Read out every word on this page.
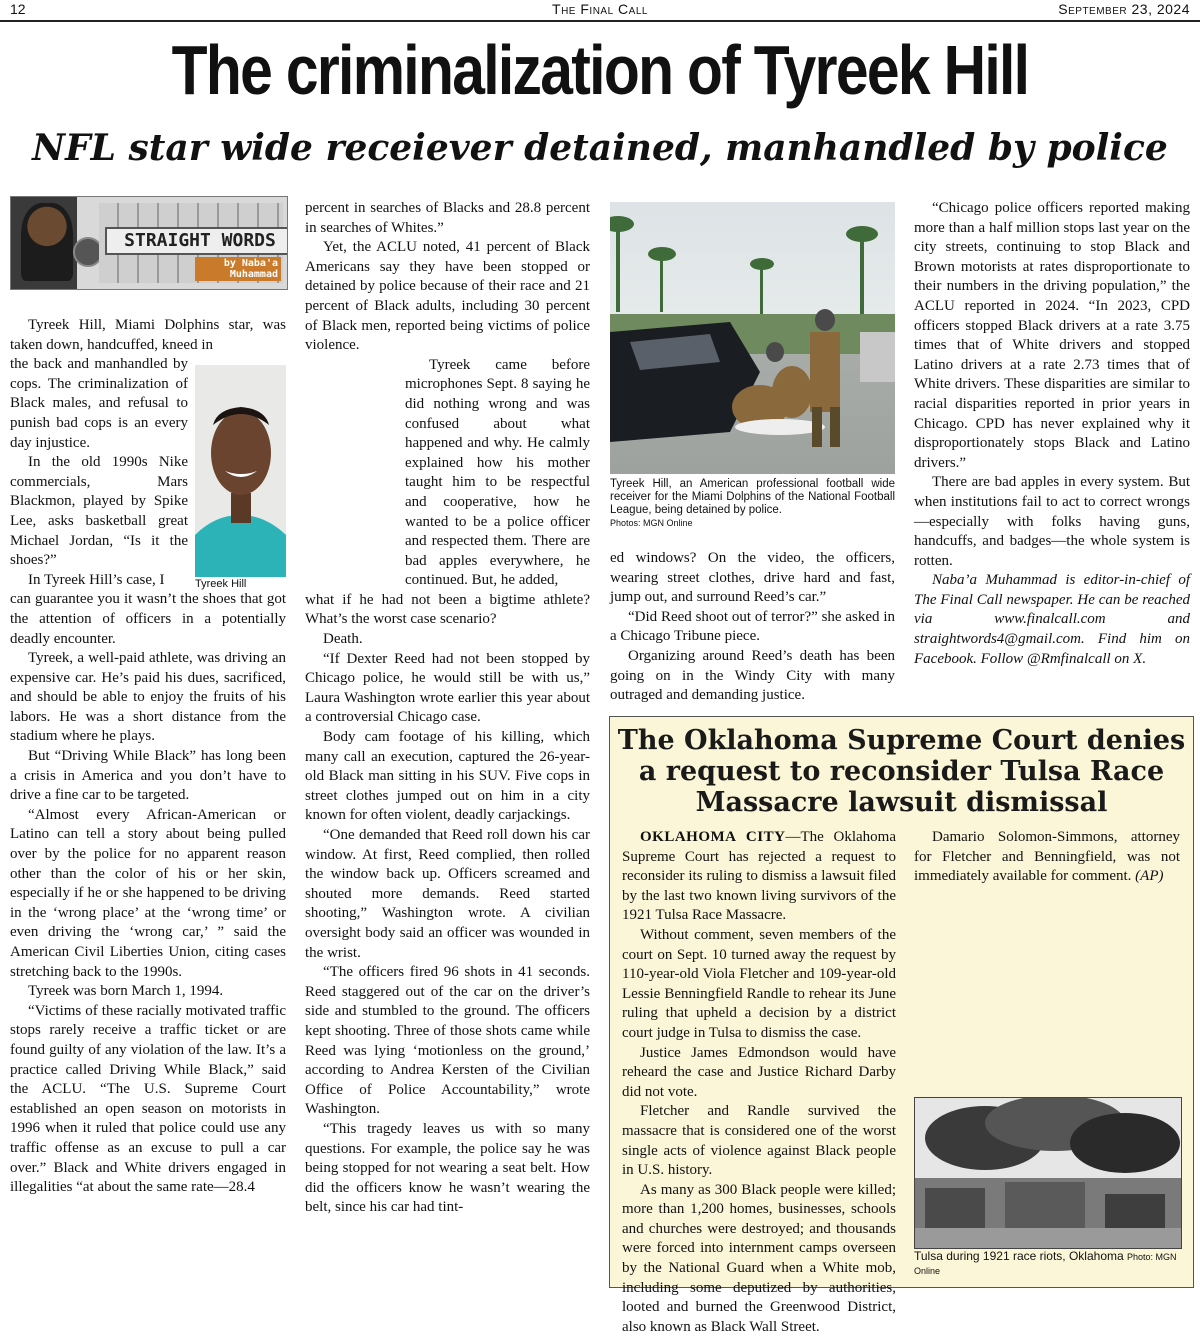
12	The Final Call	September 23, 2024
The criminalization of Tyreek Hill
NFL star wide receiever detained, manhandled by police
STRAIGHT WORDS
by Naba'a
Muhammad
Tyreek Hill

Tyreek Hill, Miami Dolphins star, was taken down, handcuffed, kneed in

the back and manhandled by cops. The criminalization of Black males, and refusal to punish bad cops is an every day injustice.

In the old 1990s Nike commercials, Mars Blackmon, played by Spike Lee, asks basketball great Michael Jordan, “Is it the shoes?”

In Tyreek Hill’s case, I

can guarantee you it wasn’t the shoes that got the attention of officers in a potentially deadly encounter.

Tyreek, a well-paid athlete, was driving an expensive car. He’s paid his dues, sacrificed, and should be able to enjoy the fruits of his labors. He was a short distance from the stadium where he plays.

But “Driving While Black” has long been a crisis in America and you don’t have to drive a fine car to be targeted.

“Almost every African-American or Latino can tell a story about being pulled over by the police for no apparent reason other than the color of his or her skin, especially if he or she happened to be driving in the ‘wrong place’ at the ‘wrong time’ or even driving the ‘wrong car,’ ” said the American Civil Liberties Union, citing cases stretching back to the 1990s.

Tyreek was born March 1, 1994.

“Victims of these racially motivated traffic stops rarely receive a traffic ticket or are found guilty of any violation of the law. It’s a practice called Driving While Black,” said the ACLU. “The U.S. Supreme Court established an open season on motorists in 1996 when it ruled that police could use any traffic offense as an excuse to pull a car over.” Black and White drivers engaged in illegalities “at about the same rate—28.4

percent in searches of Blacks and 28.8 percent in searches of Whites.”

Yet, the ACLU noted, 41 percent of Black Americans say they have been stopped or detained by police because of their race and 21 percent of Black adults, including 30 percent of Black men, reported being victims of police violence.

Tyreek came before microphones Sept. 8 saying he did nothing wrong and was confused about what happened and why. He calmly explained how his mother taught him to be respectful and cooperative, how he wanted to be a police officer and respected them. There are bad apples everywhere, he continued. But, he added,

what if he had not been a bigtime athlete? What’s the worst case scenario?

Death.

“If Dexter Reed had not been stopped by Chicago police, he would still be with us,” Laura Washington wrote earlier this year about a controversial Chicago case.

Body cam footage of his killing, which many call an execution, captured the 26-year-old Black man sitting in his SUV. Five cops in street clothes jumped out on him in a city known for often violent, deadly carjackings.

“One demanded that Reed roll down his car window. At first, Reed complied, then rolled the window back up. Officers screamed and shouted more demands. Reed started shooting,” Washington wrote. A civilian oversight body said an officer was wounded in the wrist.

“The officers fired 96 shots in 41 seconds. Reed staggered out of the car on the driver’s side and stumbled to the ground. The officers kept shooting. Three of those shots came while Reed was lying ‘motionless on the ground,’ according to Andrea Kersten of the Civilian Office of Police Accountability,” wrote Washington.

“This tragedy leaves us with so many questions. For example, the police say he was being stopped for not wearing a seat belt. How did the officers know he wasn’t wearing the belt, since his car had tint-

Tyreek Hill, an American professional football wide receiver for the Miami Dolphins of the National Football League, being detained by police.
Photos: MGN Online

ed windows? On the video, the officers, wearing street clothes, drive hard and fast, jump out, and surround Reed’s car.”

“Did Reed shoot out of terror?” she asked in a Chicago Tribune piece.

Organizing around Reed’s death has been going on in the Windy City with many outraged and demanding justice.

“Chicago police officers reported making more than a half million stops last year on the city streets, continuing to stop Black and Brown motorists at rates disproportionate to their numbers in the driving population,” the ACLU reported in 2024. “In 2023, CPD officers stopped Black drivers at a rate 3.75 times that of White drivers and stopped Latino drivers at a rate 2.73 times that of White drivers. These disparities are similar to racial disparities reported in prior years in Chicago. CPD has never explained why it disproportionately stops Black and Latino drivers.”

There are bad apples in every system. But when institutions fail to act to correct wrongs—especially with folks having guns, handcuffs, and badges—the whole system is rotten.

Naba’a Muhammad is editor-in-chief of The Final Call newspaper. He can be reached via www.finalcall.com and straightwords4@gmail.com. Find him on Facebook. Follow @Rmfinalcall on X.

The Oklahoma Supreme Court denies a request to reconsider Tulsa Race Massacre lawsuit dismissal

OKLAHOMA CITY—The Oklahoma Supreme Court has rejected a request to reconsider its ruling to dismiss a lawsuit filed by the last two known living survivors of the 1921 Tulsa Race Massacre.

Without comment, seven members of the court on Sept. 10 turned away the request by 110-year-old Viola Fletcher and 109-year-old Lessie Benningfield Randle to rehear its June ruling that upheld a decision by a district court judge in Tulsa to dismiss the case.

Justice James Edmondson would have reheard the case and Justice Richard Darby did not vote.

Fletcher and Randle survived the massacre that is considered one of the worst single acts of violence against Black people in U.S. history.

As many as 300 Black people were killed; more than 1,200 homes, businesses, schools and churches were destroyed; and thousands were forced into internment camps overseen by the National Guard when a White mob, including some deputized by authorities, looted and burned the Greenwood District, also known as Black Wall Street.

Damario Solomon-Simmons, attorney for Fletcher and Benningfield, was not immediately available for comment. (AP)

Tulsa during 1921 race riots, Oklahoma Photo: MGN Online
